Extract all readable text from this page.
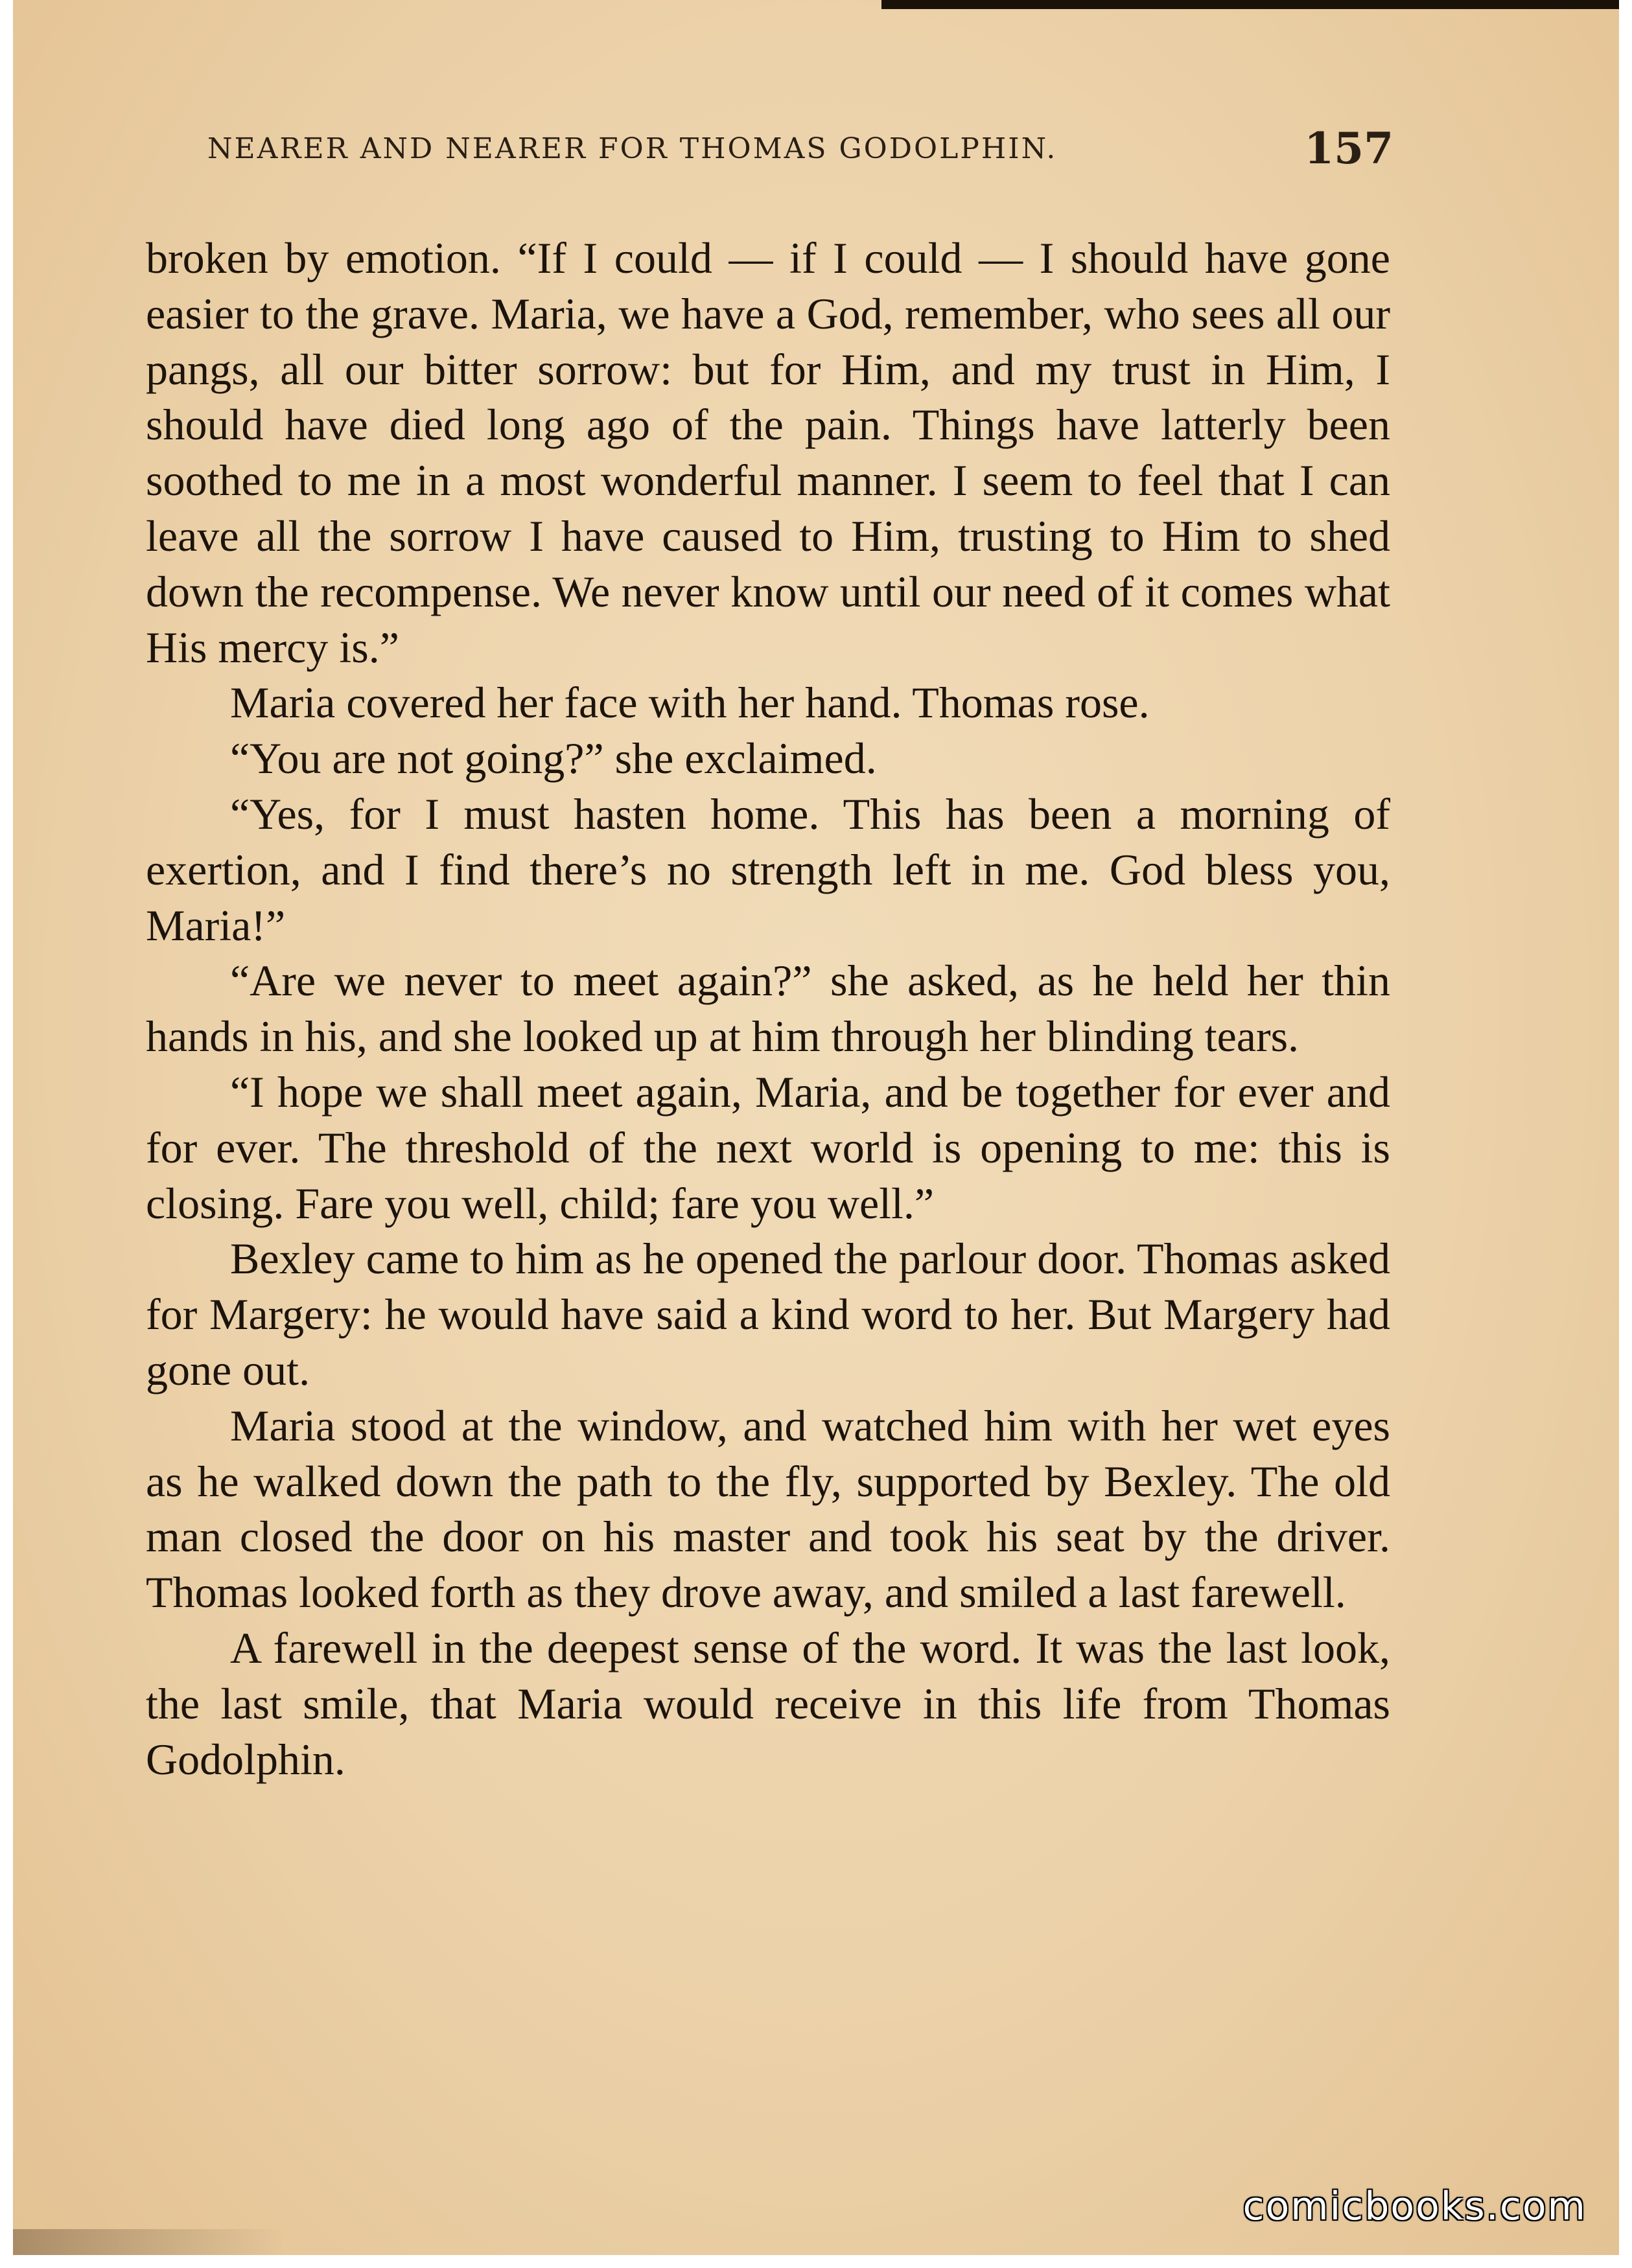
NEARER AND NEARER FOR THOMAS GODOLPHIN.	157

broken by emotion. “If I could — if I could — I should have gone easier to the grave. Maria, we have a God, remember, who sees all our pangs, all our bitter sorrow: but for Him, and my trust in Him, I should have died long ago of the pain. Things have latterly been soothed to me in a most wonderful manner. I seem to feel that I can leave all the sorrow I have caused to Him, trusting to Him to shed down the recompense. We never know until our need of it comes what His mercy is.”

Maria covered her face with her hand. Thomas rose.

“You are not going?” she exclaimed.

“Yes, for I must hasten home. This has been a morning of exertion, and I find there’s no strength left in me. God bless you, Maria!”

“Are we never to meet again?” she asked, as he held her thin hands in his, and she looked up at him through her blinding tears.

“I hope we shall meet again, Maria, and be together for ever and for ever. The threshold of the next world is opening to me: this is closing. Fare you well, child; fare you well.”

Bexley came to him as he opened the parlour door. Thomas asked for Margery: he would have said a kind word to her. But Margery had gone out.

Maria stood at the window, and watched him with her wet eyes as he walked down the path to the fly, supported by Bexley. The old man closed the door on his master and took his seat by the driver. Thomas looked forth as they drove away, and smiled a last farewell.

A farewell in the deepest sense of the word. It was the last look, the last smile, that Maria would receive in this life from Thomas Godolphin.

comicbooks.com
